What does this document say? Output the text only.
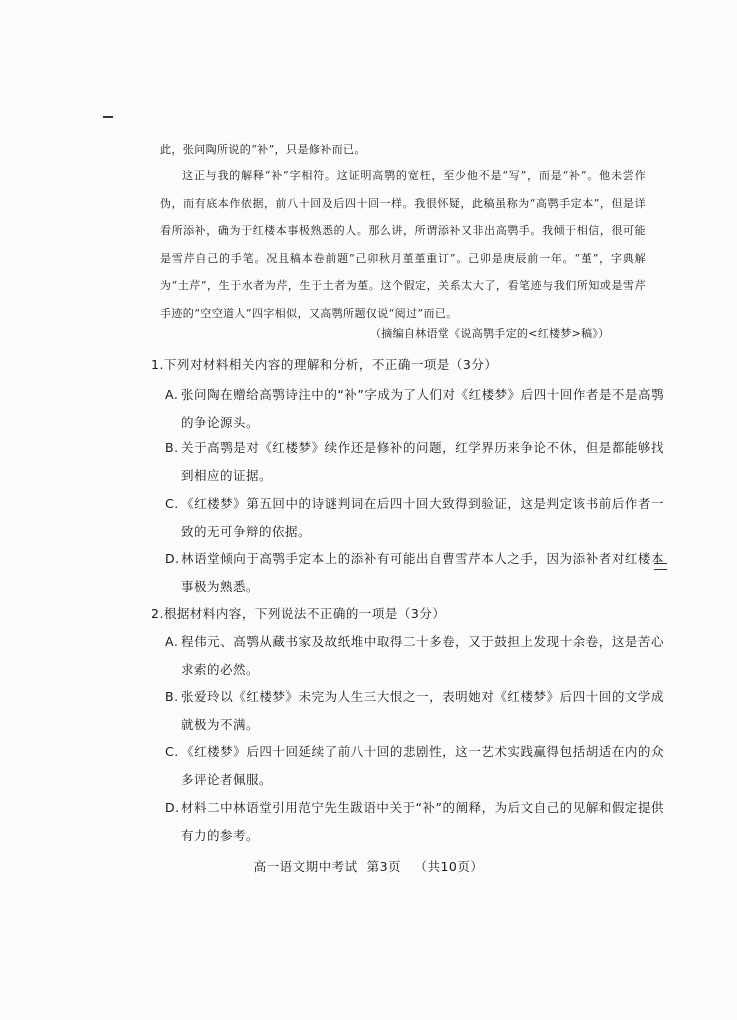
此，张问陶所说的“补”，只是修补而已。

这正与我的解释“补”字相符。这证明高鹗的宽枉，至少他不是“写”，而是“补”。他未尝作伪，而有底本作依据，前八十回及后四十回一样。我很怀疑，此稿虽称为“高鹗手定本”，但是详看所添补，确为于红楼本事极熟悉的人。那么讲，所谓添补又非出高鹗手。我倾于相信，很可能是雪芹自己的手笔。况且稿本卷前题“己卯秋月堇堇重订”。己卯是庚辰前一年。“堇”，字典解为“土芹”，生于水者为芹，生于土者为堇。这个假定，关系太大了，看笔迹与我们所知或是雪芹手迹的“空空道人”四字相似，又高鹗所题仅说“阅过”而已。

（摘编自林语堂《说高鹗手定的<红楼梦>稿》）
1.下列对材料相关内容的理解和分析，不正确一项是（3分）

A. 张问陶在赠给高鹗诗注中的“补”字成为了人们对《红楼梦》后四十回作者是不是高鹗的争论源头。

B. 关于高鹗是对《红楼梦》续作还是修补的问题，红学界历来争论不休，但是都能够找到相应的证据。

C. 《红楼梦》第五回中的诗谜判词在后四十回大致得到验证，这是判定该书前后作者一致的无可争辩的依据。

D.林语堂倾向于高鹗手定本上的添补有可能出自曹雪芹本人之手，因为添补者对红楼本事极为熟悉。

2.根据材料内容，下列说法不正确的一项是（3分）

A. 程伟元、高鹗从藏书家及故纸堆中取得二十多卷，又于鼓担上发现十余卷，这是苦心求索的必然。

B. 张爱玲以《红楼梦》未完为人生三大恨之一，表明她对《红楼梦》后四十回的文学成就极为不满。

C. 《红楼梦》后四十回延续了前八十回的悲剧性，这一艺术实践赢得包括胡适在内的众多评论者佩服。

D.材料二中林语堂引用范宁先生跋语中关于“补”的阐释，为后文自己的见解和假定提供有力的参考。

高一语文期中考试  第3页   （共10页）
